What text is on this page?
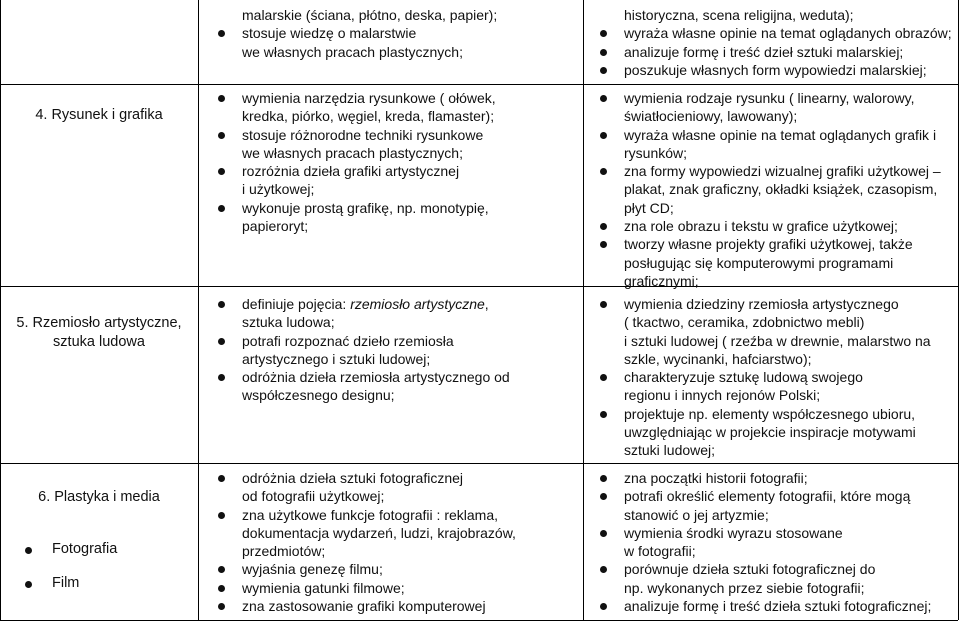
4. Rysunek i grafika
5. Rzemiosło artystyczne, sztuka ludowa
6. Plastyka i media
Fotografia
Film
malarskie (ściana, płótno, deska, papier);
stosuje wiedzę o malarstwie
we własnych pracach plastycznych;
wymienia narzędzia rysunkowe ( ołówek,
kredka, piórko, węgiel, kreda, flamaster);
stosuje różnorodne techniki rysunkowe
we własnych pracach plastycznych;
rozróżnia dzieła grafiki artystycznej
i użytkowej;
wykonuje prostą grafikę, np. monotypię,
papieroryt;
definiuje pojęcia: rzemiosło artystyczne,
sztuka ludowa;
potrafi rozpoznać dzieło rzemiosła
artystycznego i sztuki ludowej;
odróżnia dzieła rzemiosła artystycznego od
współczesnego designu;
odróżnia dzieła sztuki fotograficznej
od fotografii użytkowej;
zna użytkowe funkcje fotografii : reklama,
dokumentacja wydarzeń, ludzi, krajobrazów,
przedmiotów;
wyjaśnia genezę filmu;
wymienia gatunki filmowe;
zna zastosowanie grafiki komputerowej
historyczna, scena religijna, weduta);
wyraża własne opinie na temat oglądanych obrazów;
analizuje formę i treść dzieł sztuki malarskiej;
poszukuje własnych form wypowiedzi malarskiej;
wymienia rodzaje rysunku ( linearny, walorowy,
światłocieniowy, lawowany);
wyraża własne opinie na temat oglądanych grafik i
rysunków;
zna formy wypowiedzi wizualnej grafiki użytkowej –
plakat, znak graficzny, okładki książek, czasopism,
płyt CD;
zna role obrazu i tekstu w grafice użytkowej;
tworzy własne projekty grafiki użytkowej, także
posługując się komputerowymi programami
graficznymi;
wymienia dziedziny rzemiosła artystycznego
( tkactwo, ceramika, zdobnictwo mebli)
i sztuki ludowej ( rzeźba w drewnie, malarstwo na
szkle, wycinanki, hafciarstwo);
charakteryzuje sztukę ludową swojego
regionu i innych rejonów Polski;
projektuje np. elementy współczesnego ubioru,
uwzględniając w projekcie inspiracje motywami
sztuki ludowej;
zna początki historii fotografii;
potrafi określić elementy fotografii, które mogą
stanowić o jej artyzmie;
wymienia środki wyrazu stosowane
w fotografii;
porównuje dzieła sztuki fotograficznej do
np. wykonanych przez siebie fotografii;
analizuje formę i treść dzieła sztuki fotograficznej;
